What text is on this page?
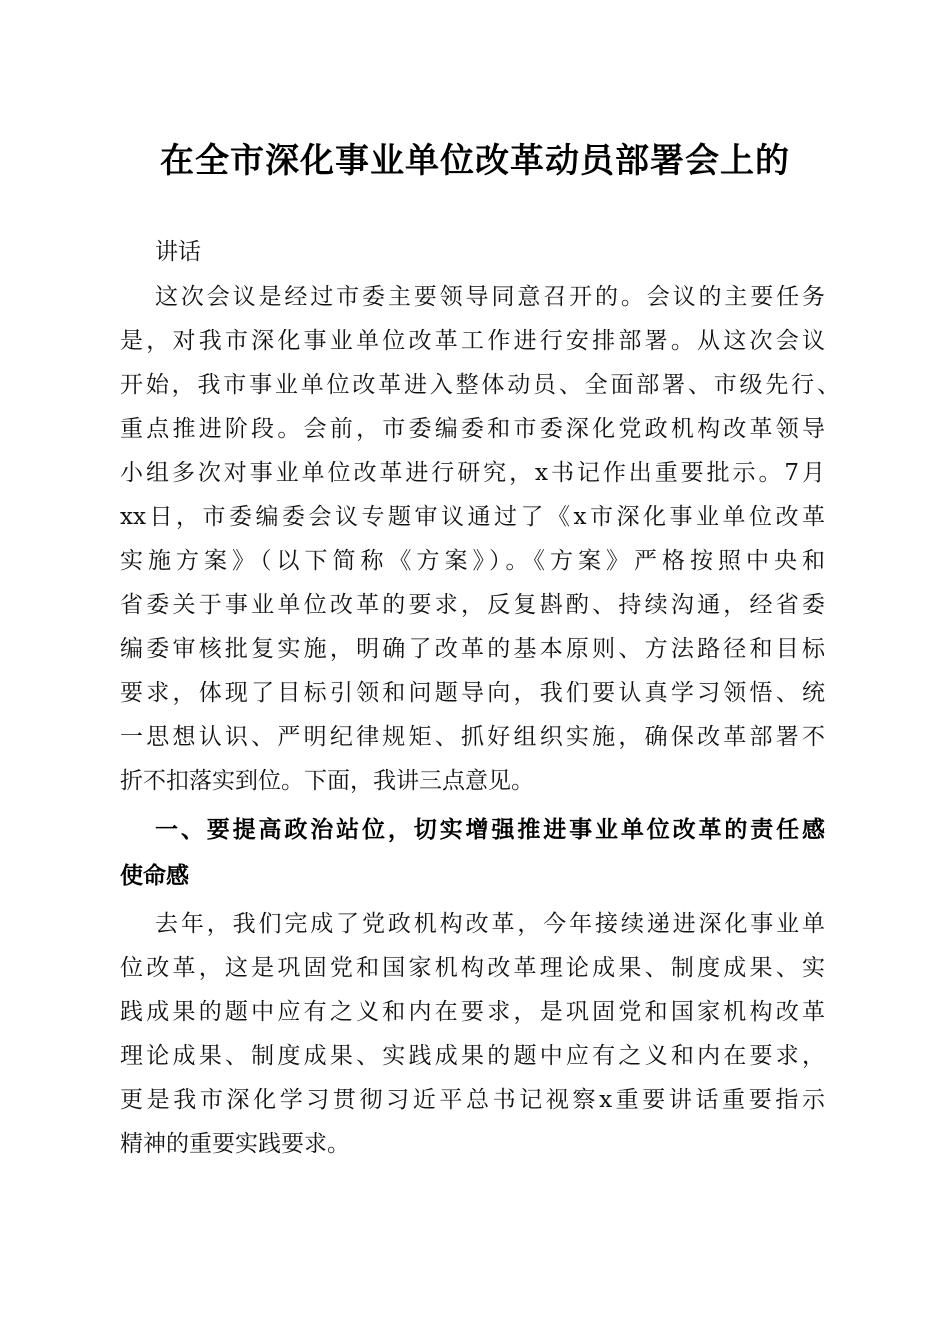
在全市深化事业单位改革动员部署会上的
讲话
这次会议是经过市委主要领导同意召开的。会议的主要任务
是，对我市深化事业单位改革工作进行安排部署。从这次会议
开始，我市事业单位改革进入整体动员、全面部署、市级先行、
重点推进阶段。会前，市委编委和市委深化党政机构改革领导
小组多次对事业单位改革进行研究，x书记作出重要批示。7月
xx日，市委编委会议专题审议通过了《x市深化事业单位改革
实施方案》（以下简称《方案》）。《方案》严格按照中央和
省委关于事业单位改革的要求，反复斟酌、持续沟通，经省委
编委审核批复实施，明确了改革的基本原则、方法路径和目标
要求，体现了目标引领和问题导向，我们要认真学习领悟、统
一思想认识、严明纪律规矩、抓好组织实施，确保改革部署不
折不扣落实到位。下面，我讲三点意见。
一、要提高政治站位，切实增强推进事业单位改革的责任感
使命感
去年，我们完成了党政机构改革，今年接续递进深化事业单
位改革，这是巩固党和国家机构改革理论成果、制度成果、实
践成果的题中应有之义和内在要求，是巩固党和国家机构改革
理论成果、制度成果、实践成果的题中应有之义和内在要求，
更是我市深化学习贯彻习近平总书记视察x重要讲话重要指示
精神的重要实践要求。
